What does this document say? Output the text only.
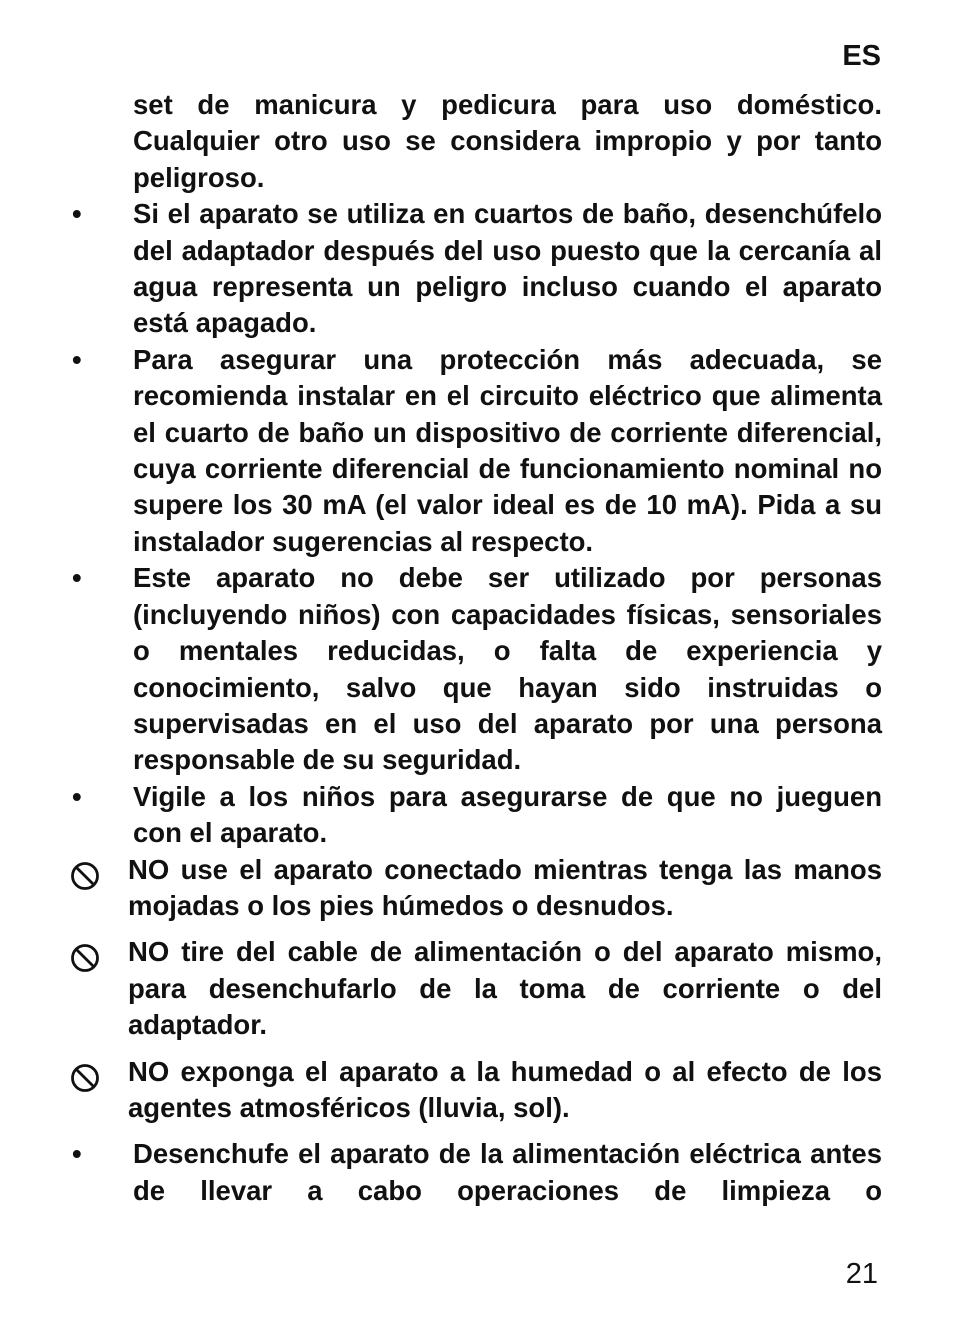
ES
set de manicura y pedicura para uso doméstico. Cualquier otro uso se considera impropio y por tanto peligroso.
• Si el aparato se utiliza en cuartos de baño, desenchúfelo del adaptador después del uso puesto que la cercanía al agua representa un peligro incluso cuando el aparato está apagado.
• Para asegurar una protección más adecuada, se recomienda instalar en el circuito eléctrico que alimenta el cuarto de baño un dispositivo de corriente diferencial, cuya corriente diferencial de funcionamiento nominal no supere los 30 mA (el valor ideal es de 10 mA). Pida a su instalador sugerencias al respecto.
• Este aparato no debe ser utilizado por personas (incluyendo niños) con capacidades físicas, sensoriales o mentales reducidas, o falta de experiencia y conocimiento, salvo que hayan sido instruidas o supervisadas en el uso del aparato por una persona responsable de su seguridad.
• Vigile a los niños para asegurarse de que no jueguen con el aparato.
NO use el aparato conectado mientras tenga las manos mojadas o los pies húmedos o desnudos.
NO tire del cable de alimentación o del aparato mismo, para desenchufarlo de la toma de corriente o del adaptador.
NO exponga el aparato a la humedad o al efecto de los agentes atmosféricos (lluvia, sol).
• Desenchufe el aparato de la alimentación eléctrica antes de llevar a cabo operaciones de limpieza o
21
